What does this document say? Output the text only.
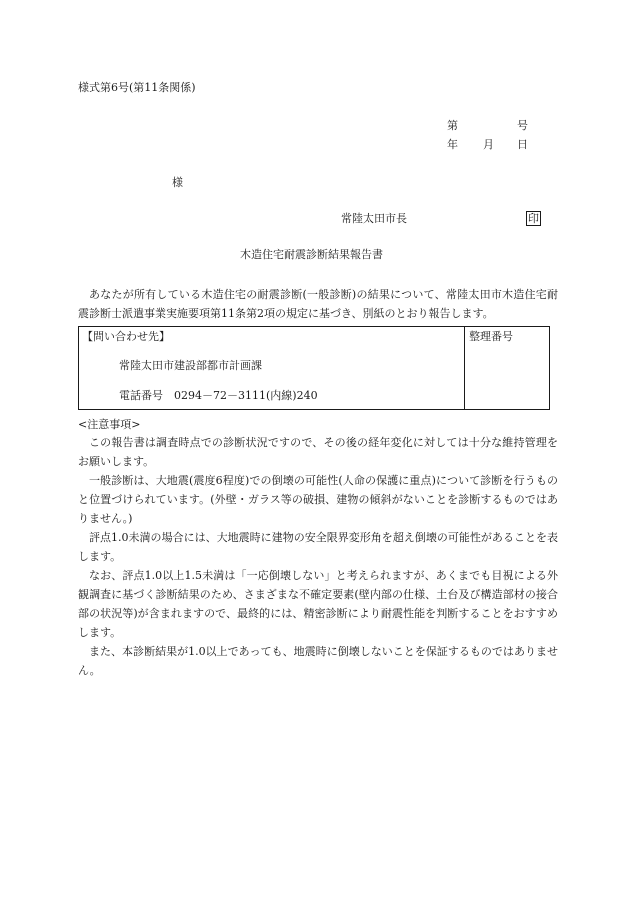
様式第6号(第11条関係)
第	号
年 月 日
様
常陸太田市長	印
木造住宅耐震診断結果報告書
あなたが所有している木造住宅の耐震診断(一般診断)の結果について、常陸太田市木造住宅耐震診断士派遣事業実施要項第11条第2項の規定に基づき、別紙のとおり報告します。
【問い合わせ先】
常陸太田市建設部都市計画課
電話番号　0294－72－3111(内線)240
整理番号
<注意事項>
この報告書は調査時点での診断状況ですので、その後の経年変化に対しては十分な維持管理をお願いします。
一般診断は、大地震(震度6程度)での倒壊の可能性(人命の保護に重点)について診断を行うものと位置づけられています。(外壁・ガラス等の破損、建物の傾斜がないことを診断するものではありません。)
評点1.0未満の場合には、大地震時に建物の安全限界変形角を超え倒壊の可能性があることを表します。
なお、評点1.0以上1.5未満は「一応倒壊しない」と考えられますが、あくまでも目視による外観調査に基づく診断結果のため、さまざまな不確定要素(壁内部の仕様、土台及び構造部材の接合部の状況等)が含まれますので、最終的には、精密診断により耐震性能を判断することをおすすめします。
また、本診断結果が1.0以上であっても、地震時に倒壊しないことを保証するものではありません。
